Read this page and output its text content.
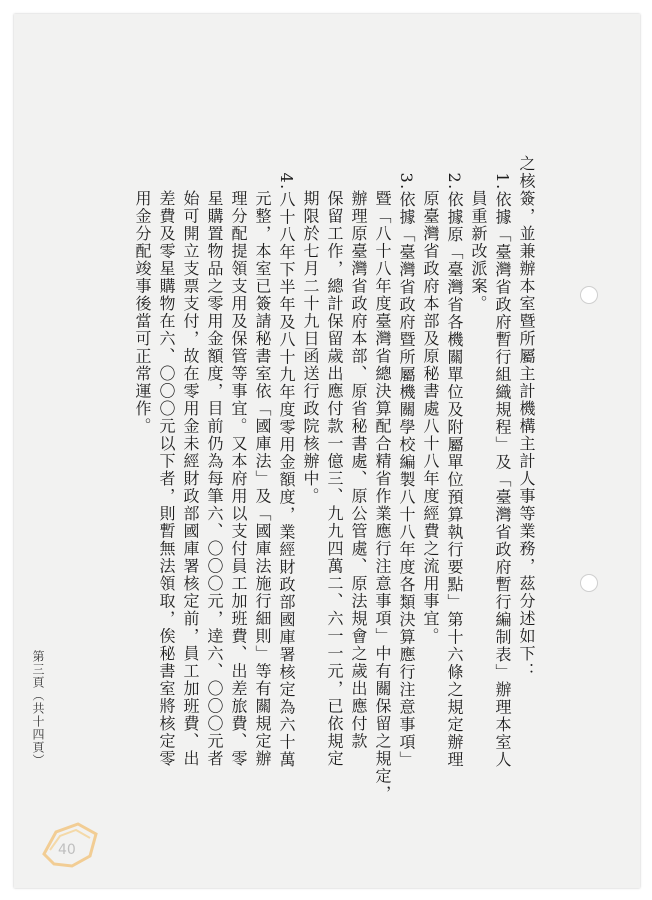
之核簽，並兼辦本室暨所屬主計機構主計人事等業務，茲分述如下：
　1.依據「臺灣省政府暫行組織規程」及「臺灣省政府暫行編制表」辦理本室人
　　員重新改派案。
　2.依據原「臺灣省各機關單位及附屬單位預算執行要點」第十六條之規定辦理
　　原臺灣省政府本部及原秘書處八十八年度經費之流用事宜。
　3.依據「臺灣省政府暨所屬機關學校編製八十八年度各類決算應行注意事項」
　　暨「八十八年度臺灣省總決算配合精省作業應行注意事項」中有關保留之規定，
　　辦理原臺灣省政府本部、原省秘書處、原公管處、原法規會之歲出應付款
　　保留工作，總計保留歲出應付款一億三、九九四萬二、六一一元，已依規定
　　期限於七月二十九日函送行政院核辦中。
　4.八十八年下半年及八十九年度零用金額度，業經財政部國庫署核定為六十萬
　　元整，本室已簽請秘書室依「國庫法」及「國庫法施行細則」等有關規定辦
　　理分配提領支用及保管等事宜。又本府用以支付員工加班費、出差旅費、零
　　星購置物品之零用金額度，目前仍為每筆六、〇〇〇元，逹六、〇〇〇元者
　　始可開立支票支付，故在零用金未經財政部國庫署核定前，員工加班費、出
　　差費及零星購物在六、〇〇〇元以下者，則暫無法領取，俟秘書室將核定零
　　用金分配竣事後當可正常運作。
第三頁（共十四頁）
40
